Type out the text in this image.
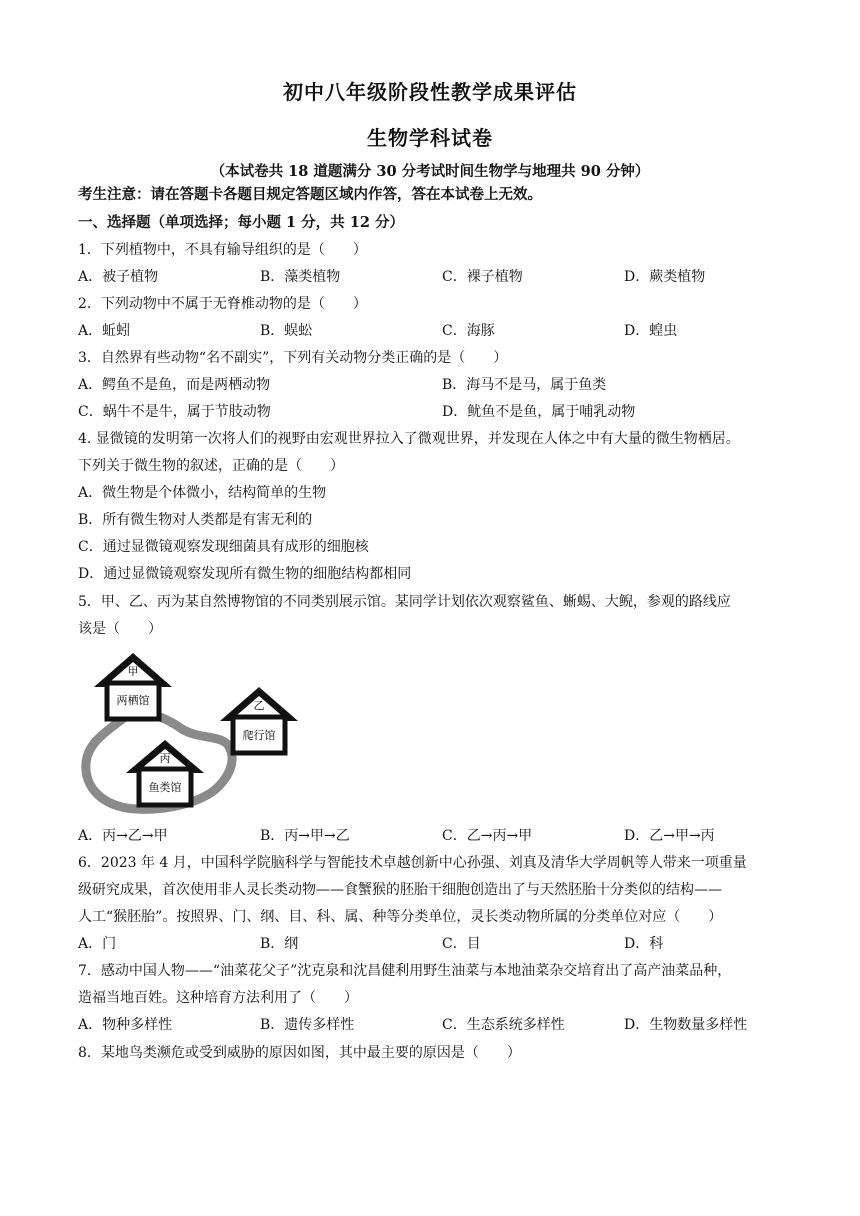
初中八年级阶段性教学成果评估
生物学科试卷
（本试卷共 18 道题满分 30 分考试时间生物学与地理共 90 分钟）
考生注意：请在答题卡各题目规定答题区域内作答，答在本试卷上无效。
一、选择题（单项选择；每小题 1 分，共 12 分）
1．下列植物中，不具有输导组织的是（　　）
A．被子植物	B．藻类植物	C．裸子植物	D．蕨类植物
2．下列动物中不属于无脊椎动物的是（　　）
A．蚯蚓	B．蜈蚣	C．海豚	D．蝗虫
3．自然界有些动物“名不副实”，下列有关动物分类正确的是（　　）
A．鳄鱼不是鱼，而是两栖动物	B．海马不是马，属于鱼类
C．蜗牛不是牛，属于节肢动物	D．鱿鱼不是鱼，属于哺乳动物
4. 显微镜的发明第一次将人们的视野由宏观世界拉入了微观世界，并发现在人体之中有大量的微生物栖居。
下列关于微生物的叙述，正确的是（　　）
A．微生物是个体微小，结构简单的生物
B．所有微生物对人类都是有害无利的
C．通过显微镜观察发现细菌具有成形的细胞核
D．通过显微镜观察发现所有微生物的细胞结构都相同
5．甲、乙、丙为某自然博物馆的不同类别展示馆。某同学计划依次观察鲨鱼、蜥蜴、大鲵，参观的路线应
该是（　　）
甲
两栖馆	乙
爬行馆
丙
鱼类馆
A．丙→乙→甲	B．丙→甲→乙	C．乙→丙→甲	D．乙→甲→丙
6．2023 年 4 月，中国科学院脑科学与智能技术卓越创新中心孙强、刘真及清华大学周帆等人带来一项重量
级研究成果，首次使用非人灵长类动物——食蟹猴的胚胎干细胞创造出了与天然胚胎十分类似的结构——
人工“猴胚胎”。按照界、门、纲、目、科、属、种等分类单位，灵长类动物所属的分类单位对应（　　）
A．门	B．纲	C．目	D．科
7．感动中国人物——“油菜花父子”沈克泉和沈昌健利用野生油菜与本地油菜杂交培育出了高产油菜品种，
造福当地百姓。这种培育方法利用了（　　）
A．物种多样性	B．遗传多样性	C．生态系统多样性	D．生物数量多样性
8．某地鸟类濒危或受到威胁的原因如图，其中最主要的原因是（　　）
